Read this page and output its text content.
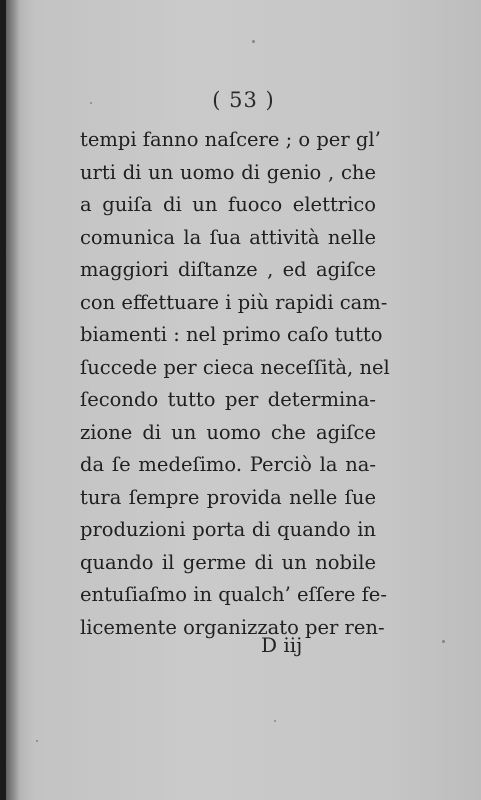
( 53 )
tempi fanno naſcere ; o per gl’
urti di un uomo di genio , che
a guiſa di un fuoco elettrico
comunica la ſua attività nelle
maggiori diſtanze , ed agiſce
con effettuare i più rapidi cam-
biamenti : nel primo caſo tutto
ſuccede per cieca neceſſità, nel
ſecondo tutto per determina-
zione di un uomo che agiſce
da ſe medeſimo. Perciò la na-
tura ſempre provida nelle ſue
produzioni porta di quando in
quando il germe di un nobile
entuſiaſmo in qualch’ eſſere fe-
licemente organizzato per ren-
D iij
